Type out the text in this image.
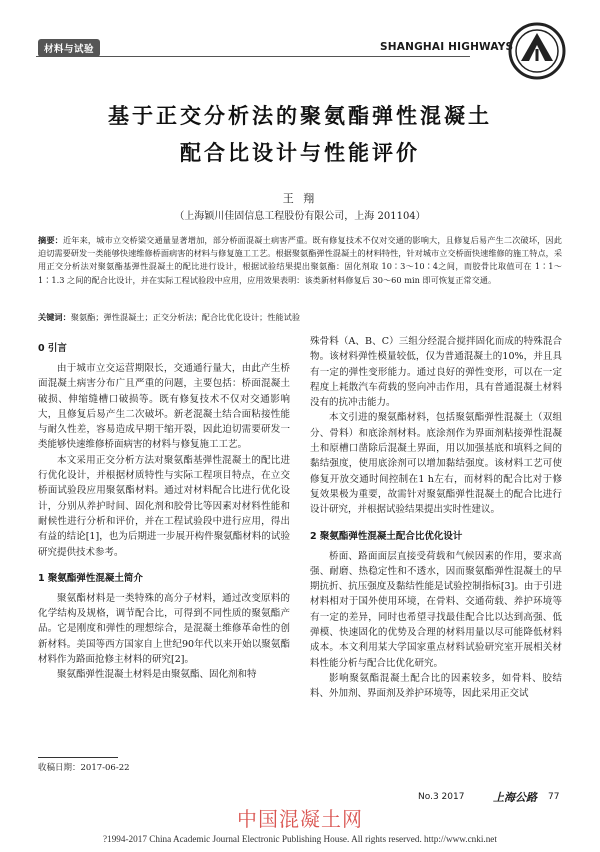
材料与试验	SHANGHAI HIGHWAYS
基于正交分析法的聚氨酯弹性混凝土
配合比设计与性能评价
王 翔
（上海颖川佳固信息工程股份有限公司，上海 201104）
摘要：近年来，城市立交桥梁交通量显著增加，部分桥面混凝土病害严重。既有修复技术不仅对交通的影响大，且修复后易产生二次破坏，因此迫切需要研发一类能够快速维修桥面病害的材料与修复施工工艺。根据聚氨酯弹性混凝土的材料特性，针对城市立交桥面快速维修的施工特点，采用正交分析法对聚氨酯基弹性混凝土的配比进行设计，根据试验结果提出聚氨酯：固化剂取 10∶3～10∶4之间，而胶骨比取值可在 1∶1～1∶1.3 之间的配合比设计，并在实际工程试验段中应用，应用效果表明：该类新材料修复后 30～60 min 即可恢复正常交通。
关键词：聚氨酯；弹性混凝土；正交分析法；配合比优化设计；性能试验

0 引言

由于城市立交运营期限长，交通通行量大，由此产生桥面混凝土病害分布广且严重的问题，主要包括：桥面混凝土破损、伸缩缝槽口破损等。既有修复技术不仅对交通影响大，且修复后易产生二次破坏。新老混凝土结合面粘接性能与耐久性差，容易造成早期干缩开裂，因此迫切需要研发一类能够快速维修桥面病害的材料与修复施工工艺。

本文采用正交分析方法对聚氨酯基弹性混凝土的配比进行优化设计，并根据材质特性与实际工程项目特点，在立交桥面试验段应用聚氨酯材料。通过对材料配合比进行优化设计，分别从养护时间、固化剂和胶骨比等因素对材料性能和耐候性进行分析和评价，并在工程试验段中进行应用，得出有益的结论[1]，也为后期进一步展开构件聚氨酯材料的试验研究提供技术参考。

1 聚氨酯弹性混凝土简介

聚氨酯材料是一类特殊的高分子材料，通过改变原料的化学结构及规格，调节配合比，可得到不同性质的聚氨酯产品。它是刚度和弹性的理想综合，是混凝土维修革命性的创新材料。美国等西方国家自上世纪90年代以来开始以聚氨酯材料作为路面抢修主材料的研究[2]。

聚氨酯弹性混凝土材料是由聚氨酯、固化剂和特

殊骨料（A、B、C）三组分经混合搅拌固化而成的特殊混合物。该材料弹性模量较低，仅为普通混凝土的10%，并且具有一定的弹性变形能力。通过良好的弹性变形，可以在一定程度上耗散汽车荷载的竖向冲击作用，具有普通混凝土材料没有的抗冲击能力。

本文引进的聚氨酯材料，包括聚氨酯弹性混凝土（双组分、骨料）和底涂剂材料。底涂剂作为界面剂粘接弹性混凝土和原槽口凿除后混凝土界面，用以加强基底和填料之间的黏结强度，使用底涂剂可以增加黏结强度。该材料工艺可使修复开放交通时间控制在1 h左右，而材料的配合比对于修复效果极为重要，故需针对聚氨酯弹性混凝土的配合比进行设计研究，并根据试验结果提出实时性建议。

2 聚氨酯弹性混凝土配合比优化设计

桥面、路面面层直接受荷载和气候因素的作用，要求高强、耐磨、热稳定性和不透水，因而聚氨酯弹性混凝土的早期抗折、抗压强度及黏结性能是试验控制指标[3]。由于引进材料相对于国外使用环境，在骨料、交通荷载、养护环境等有一定的差异，同时也希望寻找最佳配合比以达到高强、低弹模、快速固化的优势及合理的材料用量以尽可能降低材料成本。本文利用某大学国家重点材料试验研究室开展相关材料性能分析与配合比优化研究。

影响聚氨酯混凝土配合比的因素较多，如骨料、胶结料、外加剂、界面剂及养护环境等，因此采用正交试

收稿日期：2017-06-22
No.3 2017	上海公路 77
中国混凝土网
?1994-2017 China Academic Journal Electronic Publishing House. All rights reserved. http://www.cnki.net
